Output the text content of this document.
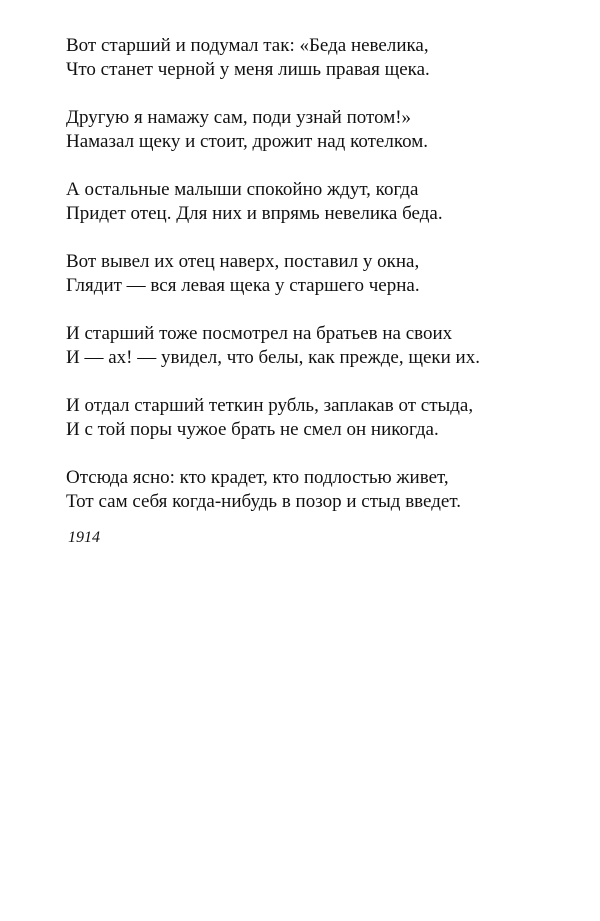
Вот старший и подумал так: «Беда невелика,
Что станет черной у меня лишь правая щека.
Другую я намажу сам, поди узнай потом!»
Намазал щеку и стоит, дрожит над котелком.
А остальные малыши спокойно ждут, когда
Придет отец. Для них и впрямь невелика беда.
Вот вывел их отец наверх, поставил у окна,
Глядит — вся левая щека у старшего черна.
И старший тоже посмотрел на братьев на своих
И — ах! — увидел, что белы, как прежде, щеки их.
И отдал старший теткин рубль, заплакав от стыда,
И с той поры чужое брать не смел он никогда.
Отсюда ясно: кто крадет, кто подлостью живет,
Тот сам себя когда-нибудь в позор и стыд введет.
1914
